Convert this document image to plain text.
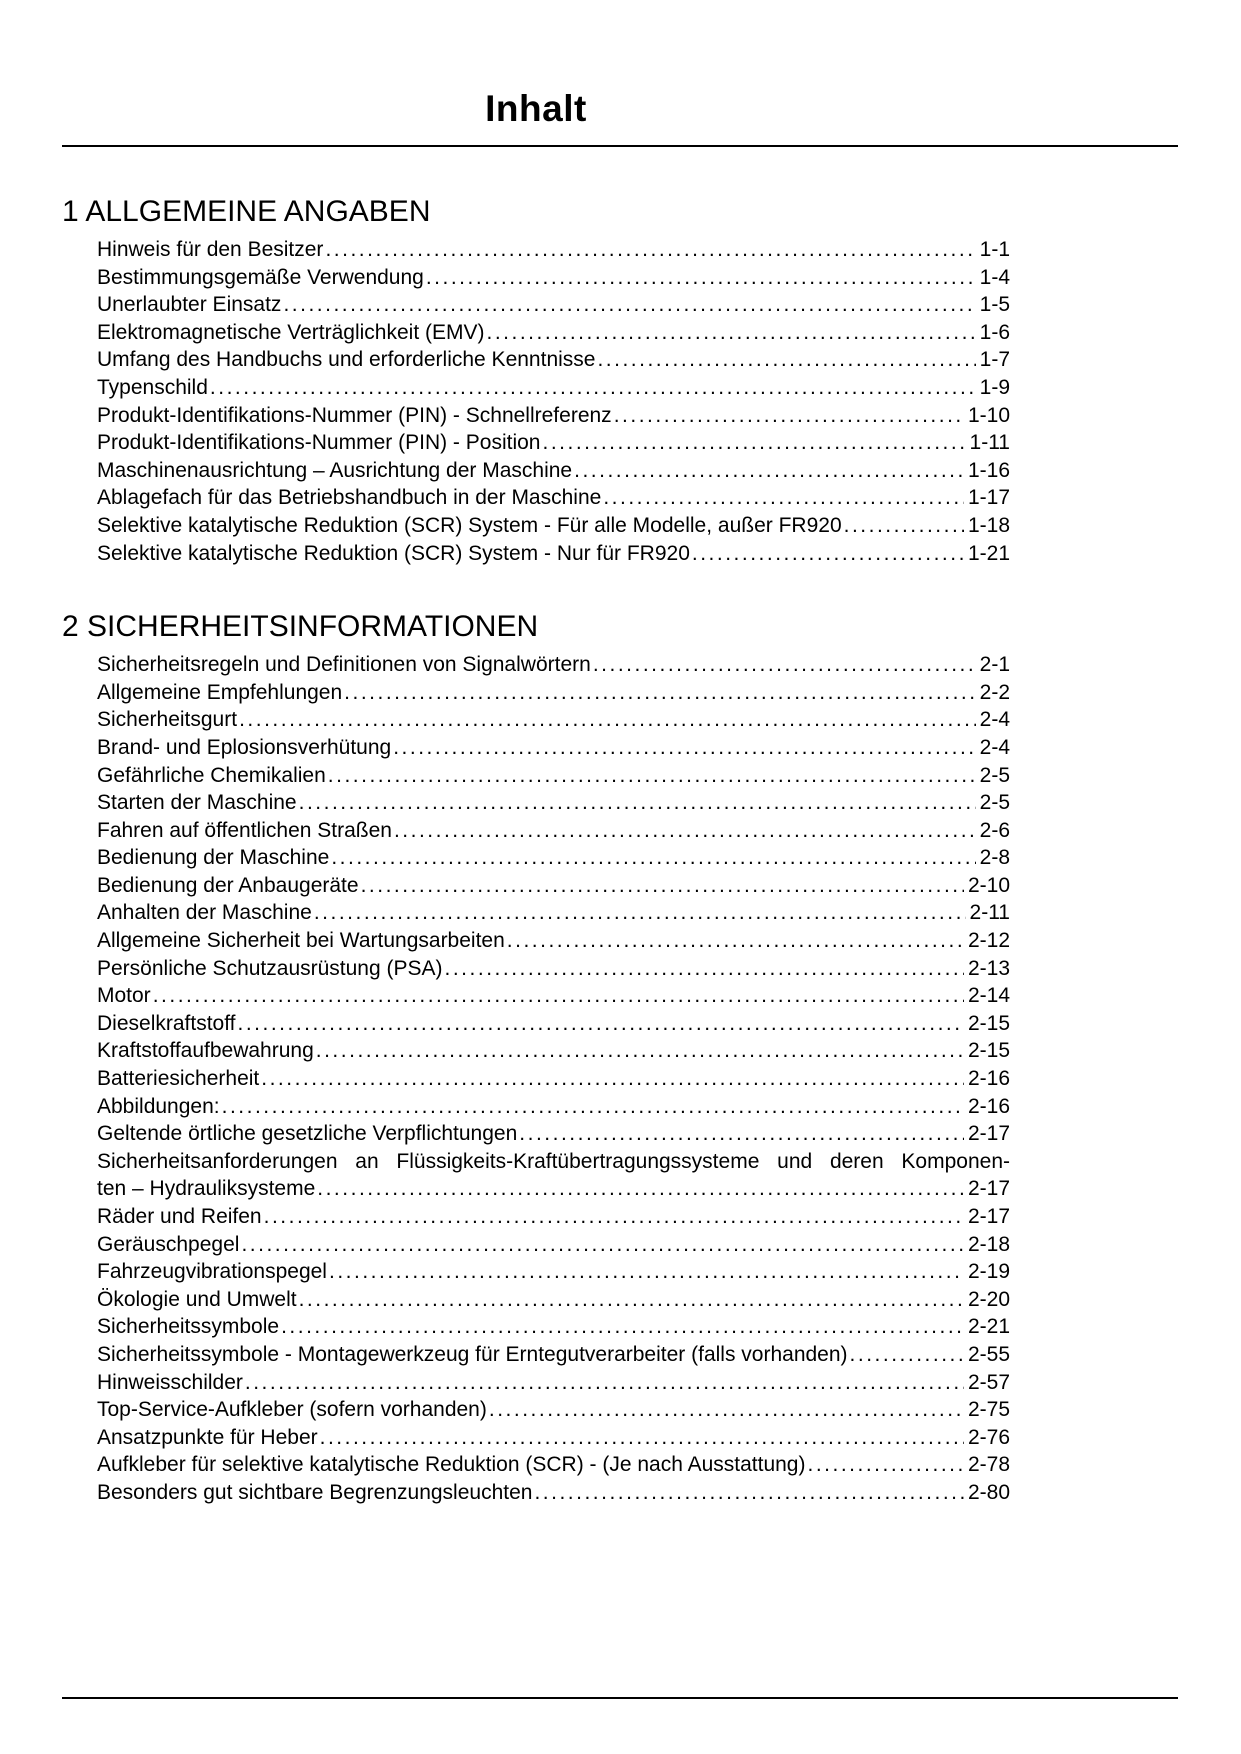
Inhalt
1 ALLGEMEINE ANGABEN
Hinweis für den Besitzer .....	1-1
Bestimmungsgemäße Verwendung .....	1-4
Unerlaubter Einsatz .....	1-5
Elektromagnetische Verträglichkeit (EMV) .....	1-6
Umfang des Handbuchs und erforderliche Kenntnisse .....	1-7
Typenschild .....	1-9
Produkt-Identifikations-Nummer (PIN) - Schnellreferenz .....	1-10
Produkt-Identifikations-Nummer (PIN) - Position .....	1-11
Maschinenausrichtung – Ausrichtung der Maschine .....	1-16
Ablagefach für das Betriebshandbuch in der Maschine .....	1-17
Selektive katalytische Reduktion (SCR) System - Für alle Modelle, außer FR920 .....	1-18
Selektive katalytische Reduktion (SCR) System - Nur für FR920 .....	1-21
2 SICHERHEITSINFORMATIONEN
Sicherheitsregeln und Definitionen von Signalwörtern .....	2-1
Allgemeine Empfehlungen .....	2-2
Sicherheitsgurt .....	2-4
Brand- und Eplosionsverhütung .....	2-4
Gefährliche Chemikalien .....	2-5
Starten der Maschine .....	2-5
Fahren auf öffentlichen Straßen .....	2-6
Bedienung der Maschine .....	2-8
Bedienung der Anbaugeräte .....	2-10
Anhalten der Maschine .....	2-11
Allgemeine Sicherheit bei Wartungsarbeiten .....	2-12
Persönliche Schutzausrüstung (PSA) .....	2-13
Motor .....	2-14
Dieselkraftstoff .....	2-15
Kraftstoffaufbewahrung .....	2-15
Batteriesicherheit .....	2-16
Abbildungen: .....	2-16
Geltende örtliche gesetzliche Verpflichtungen .....	2-17
Sicherheitsanforderungen an Flüssigkeits-Kraftübertragungssysteme und deren Komponen-
ten – Hydrauliksysteme .....	2-17
Räder und Reifen .....	2-17
Geräuschpegel .....	2-18
Fahrzeugvibrationspegel .....	2-19
Ökologie und Umwelt .....	2-20
Sicherheitssymbole .....	2-21
Sicherheitssymbole - Montagewerkzeug für Erntegutverarbeiter (falls vorhanden) .....	2-55
Hinweisschilder .....	2-57
Top-Service-Aufkleber (sofern vorhanden) .....	2-75
Ansatzpunkte für Heber .....	2-76
Aufkleber für selektive katalytische Reduktion (SCR) - (Je nach Ausstattung) .....	2-78
Besonders gut sichtbare Begrenzungsleuchten .....	2-80
